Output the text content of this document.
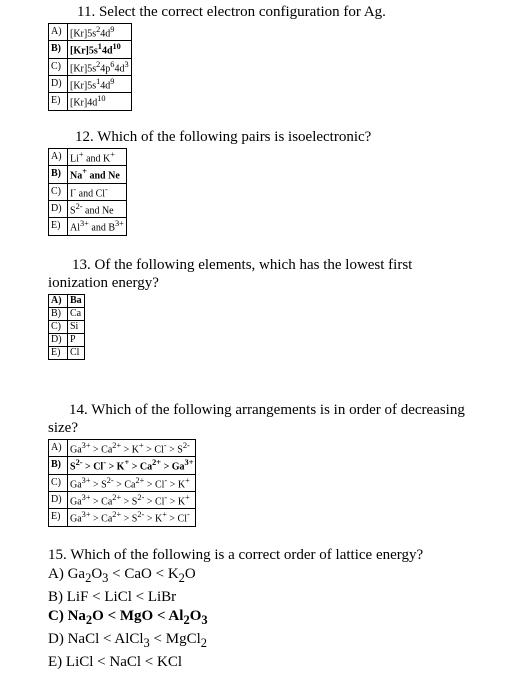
11. Select the correct electron configuration for Ag.

A)	$[Kr]5s^24d^9$
B)	$[Kr]5s^14d^{10}$
C)	$[Kr]5s^24p^64d^3$
D)	$[Kr]5s^14d^9$
E)	$[Kr]4d^{10}$

12. Which of the following pairs is isoelectronic?

A)	Li+ and K+
B)	Na+ and Ne
C)	I- and Cl-
D)	$S^{2-}$ and Ne
E)	$Al^{3+}$ and $B^{3+}$

13. Of the following elements, which has the lowest first

ionization energy?

A)	Ba
B)	Ca
C)	Si
D)	P
E)	Cl

14. Which of the following arrangements is in order of decreasing

size?

A)	$Ga^{3+} > Ca^{2+} > K^+ > Cl^- > S^{2-}$
B)	$S^{2-} > Cl^- > K^+ > Ca^{2+} > Ga^{3+}$
C)	$Ga^{3+} > S^{2-} > Ca^{2+} > Cl^- > K^+$
D)	$Ga^{3+} > Ca^{2+} > S^{2-} > Cl^- > K^+$
E)	$Ga^{3+} > Ca^{2+} > S^{2-} > K^+ > Cl^-$

15. Which of the following is a correct order of lattice energy?

A) $Ga_2O_3$ < CaO < $K_2O$

B) LiF < LiCl < LiBr

C) $Na_2O$ < MgO < $Al_2O_3$

D) NaCl < AlCl$_3$ < MgCl$_2$

E) LiCl < NaCl < KCl
